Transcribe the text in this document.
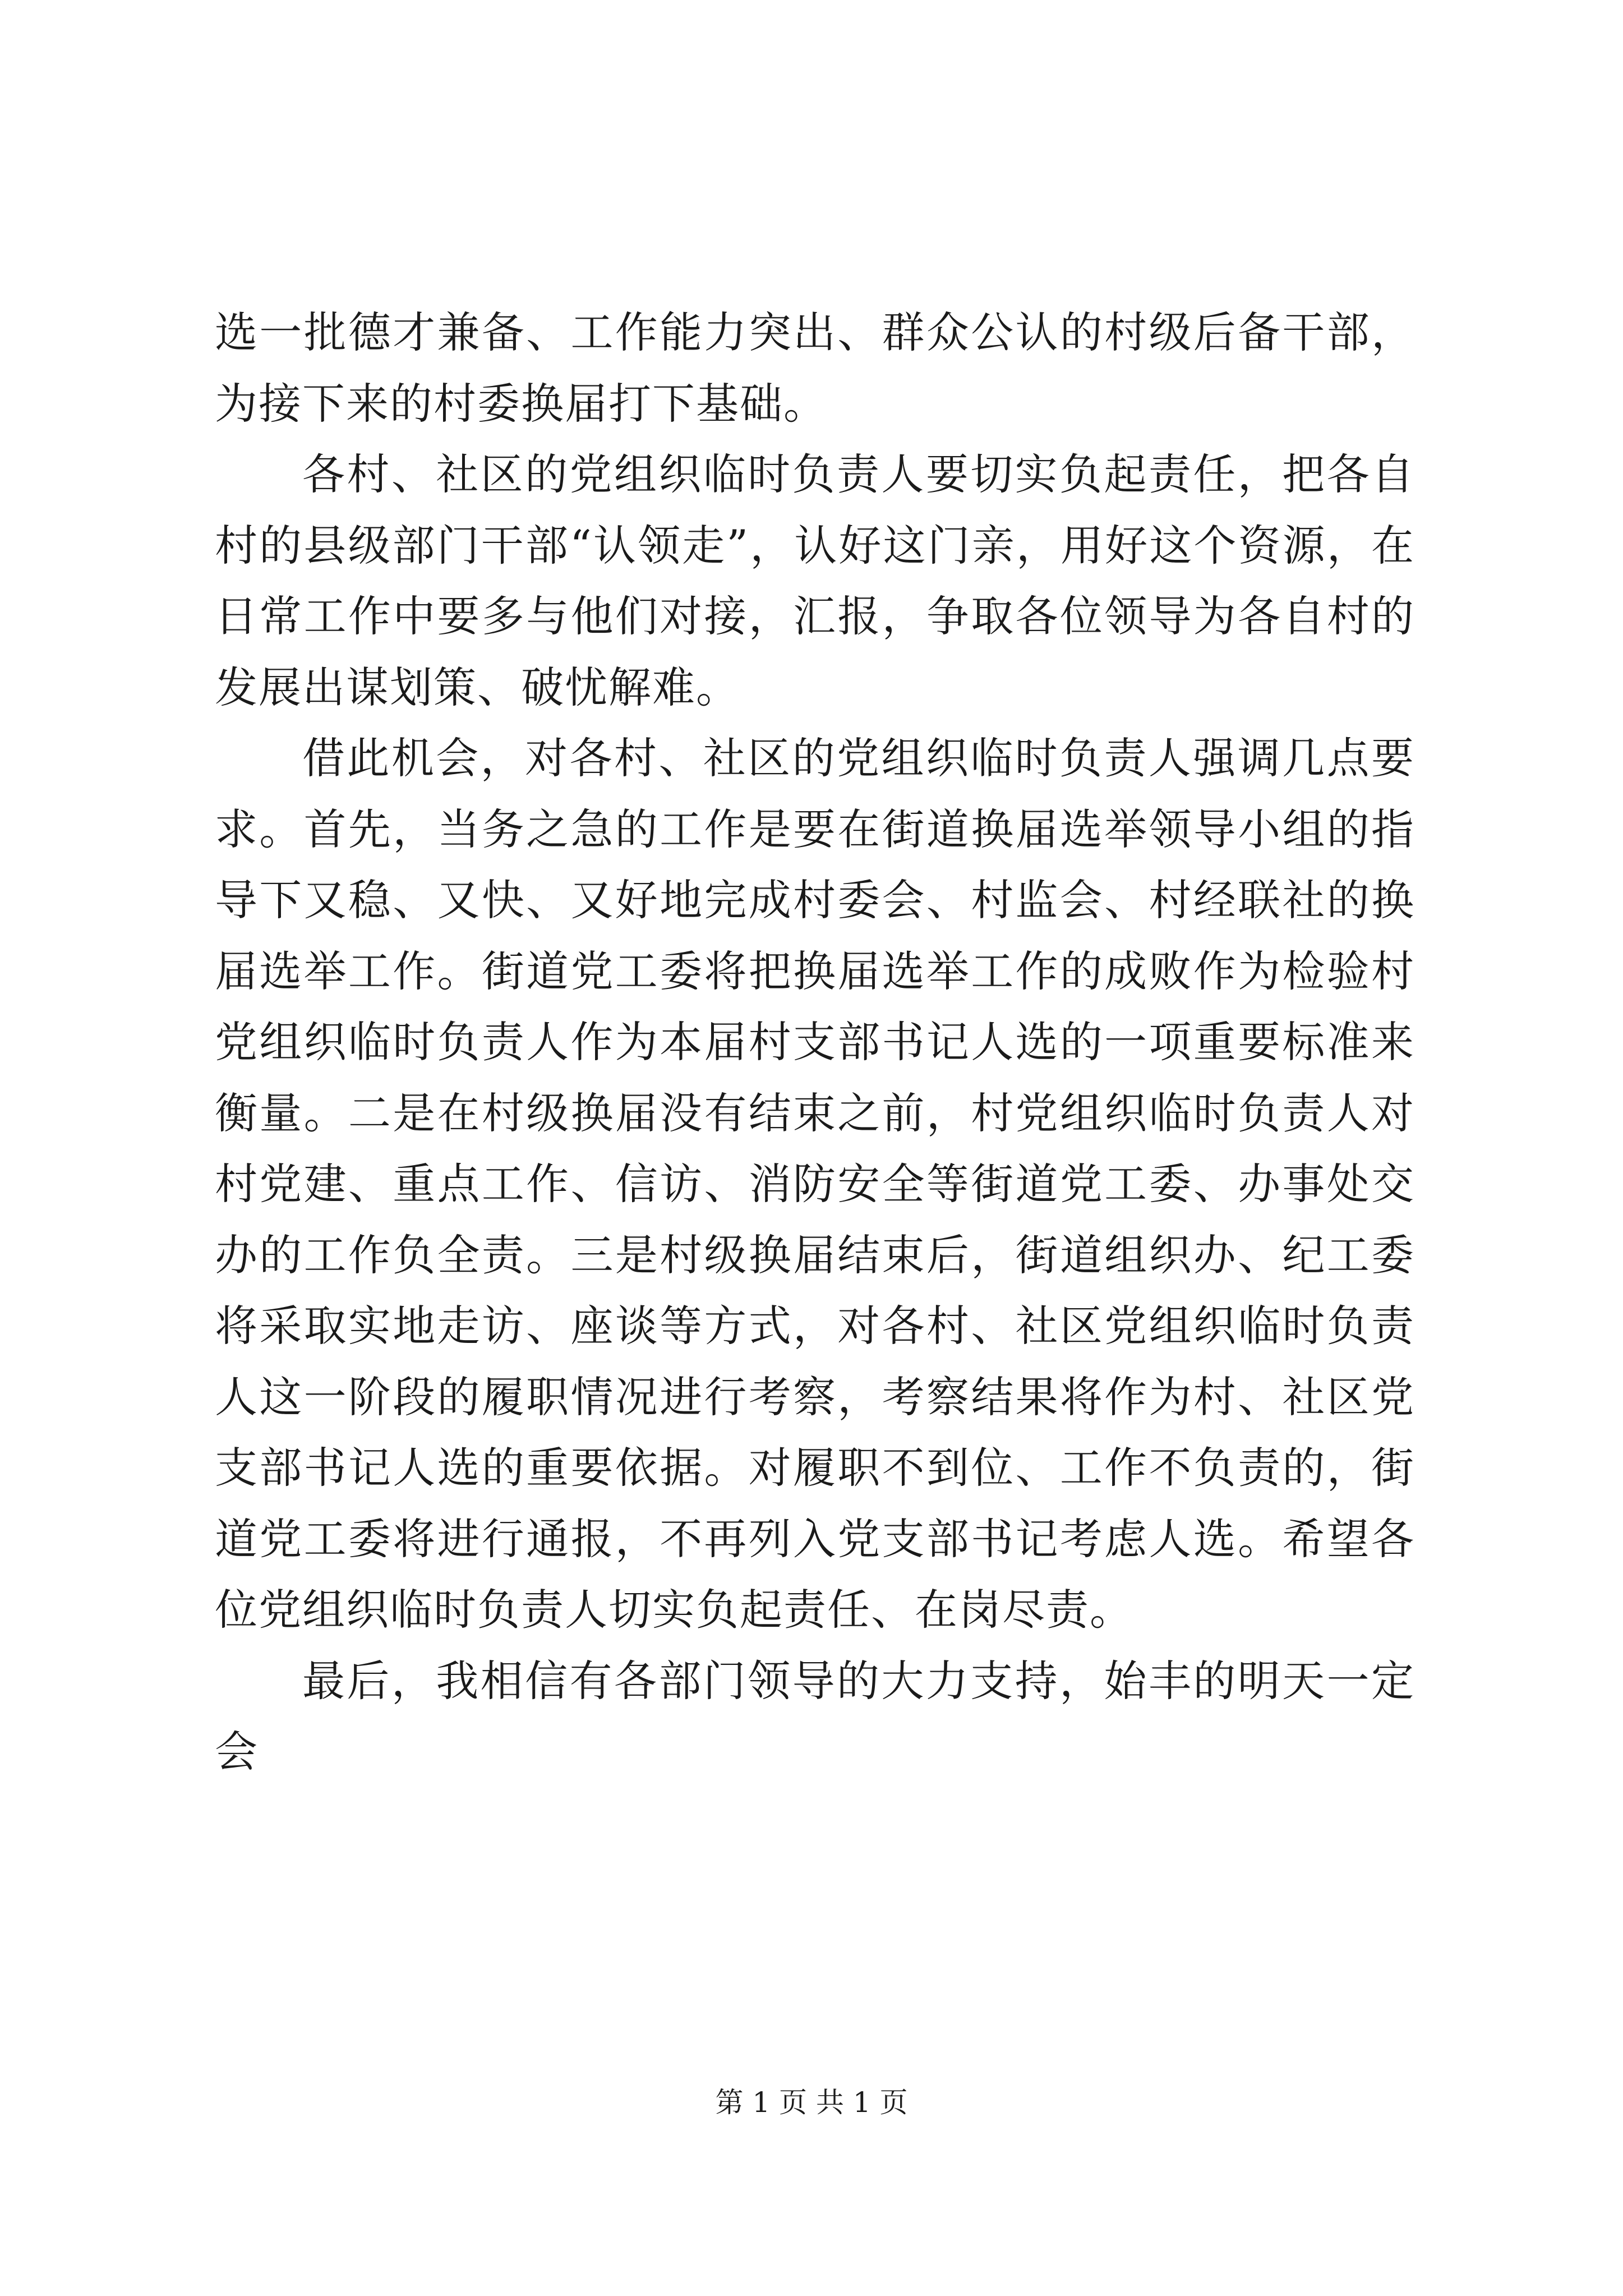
选一批德才兼备、工作能力突出、群众公认的村级后备干部，为接下来的村委换届打下基础。

各村、社区的党组织临时负责人要切实负起责任，把各自村的县级部门干部“认领走”，认好这门亲，用好这个资源，在日常工作中要多与他们对接，汇报，争取各位领导为各自村的发展出谋划策、破忧解难。

借此机会，对各村、社区的党组织临时负责人强调几点要求。首先，当务之急的工作是要在街道换届选举领导小组的指导下又稳、又快、又好地完成村委会、村监会、村经联社的换届选举工作。街道党工委将把换届选举工作的成败作为检验村党组织临时负责人作为本届村支部书记人选的一项重要标准来衡量。二是在村级换届没有结束之前，村党组织临时负责人对村党建、重点工作、信访、消防安全等街道党工委、办事处交办的工作负全责。三是村级换届结束后，街道组织办、纪工委将采取实地走访、座谈等方式，对各村、社区党组织临时负责人这一阶段的履职情况进行考察，考察结果将作为村、社区党支部书记人选的重要依据。对履职不到位、工作不负责的，街道党工委将进行通报，不再列入党支部书记考虑人选。希望各位党组织临时负责人切实负起责任、在岗尽责。

最后，我相信有各部门领导的大力支持，始丰的明天一定会

第 1 页 共 1 页
